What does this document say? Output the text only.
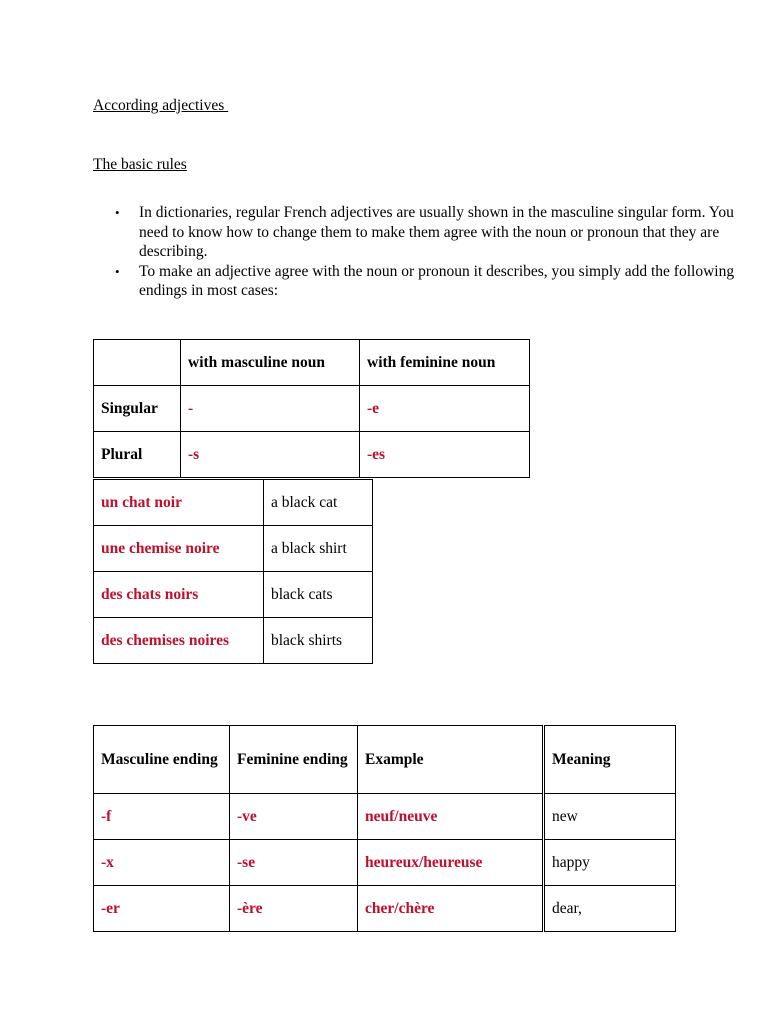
According adjectives
The basic rules
• In dictionaries, regular French adjectives are usually shown in the masculine singular form. You need to know how to change them to make them agree with the noun or pronoun that they are describing.
• To make an adjective agree with the noun or pronoun it describes, you simply add the following endings in most cases:
	with masculine noun	with feminine noun
Singular	-	-e
Plural	-s	-es
un chat noir	a black cat
une chemise noire	a black shirt
des chats noirs	black cats
des chemises noires	black shirts
Masculine ending	Feminine ending	Example	Meaning
-f	-ve	neuf/neuve	new
-x	-se	heureux/heureuse	happy
-er	-ère	cher/chère	dear,
